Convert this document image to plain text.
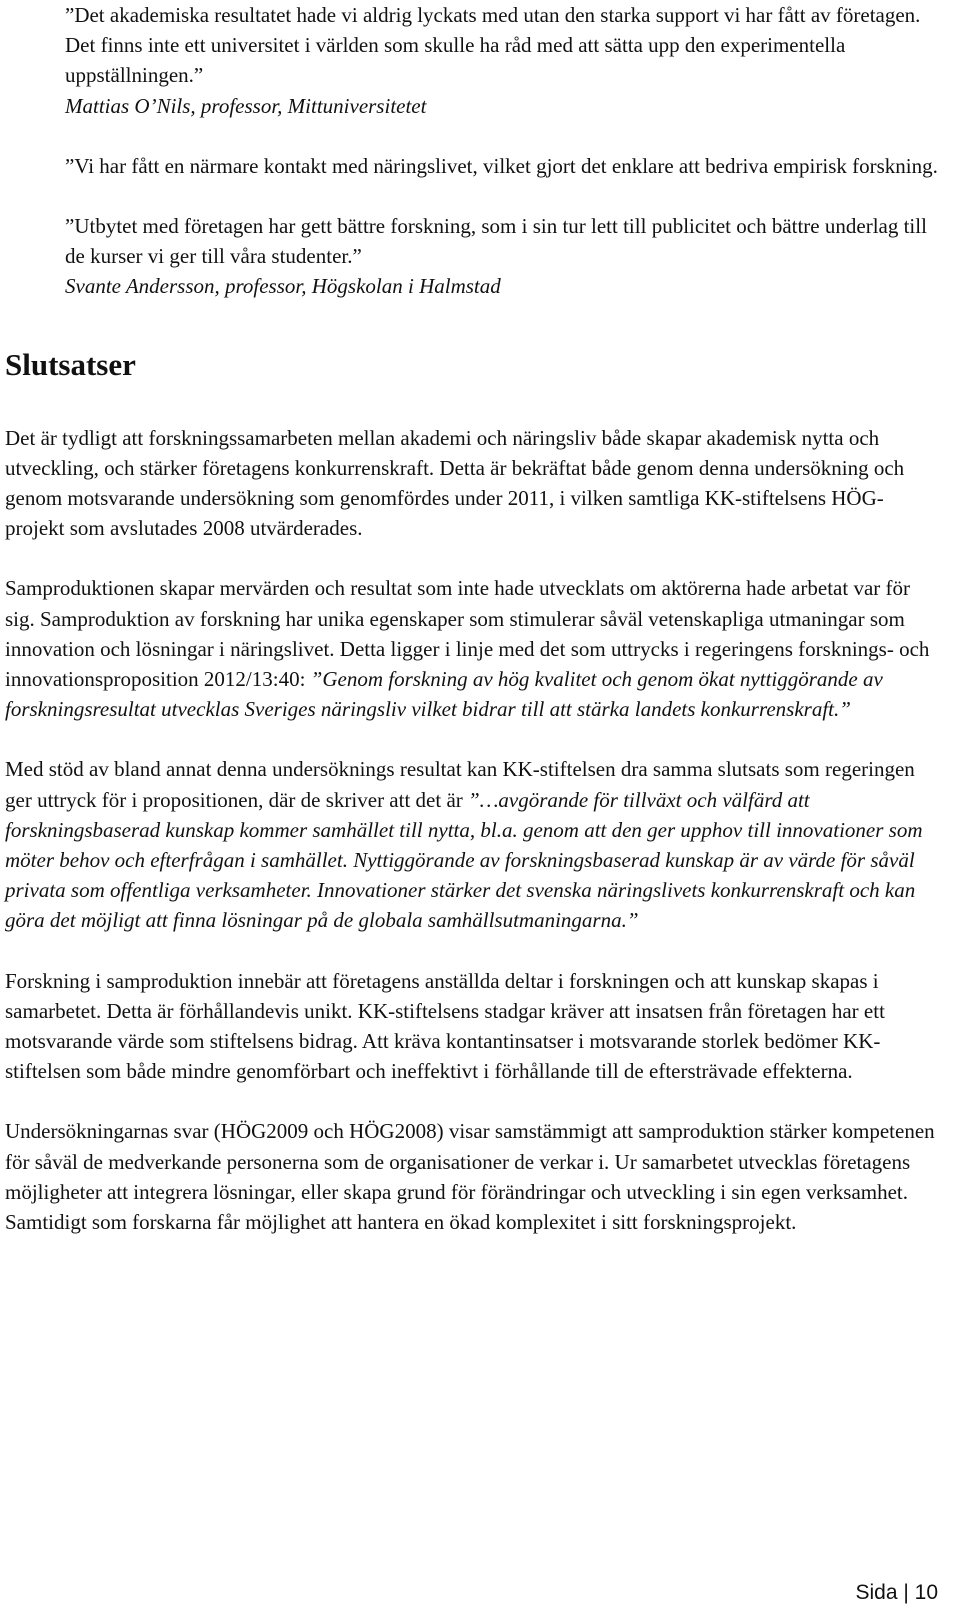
”Det akademiska resultatet hade vi aldrig lyckats med utan den starka support vi har fått av företagen. Det finns inte ett universitet i världen som skulle ha råd med att sätta upp den experimentella uppställningen.”

Mattias O’Nils, professor, Mittuniversitetet

”Vi har fått en närmare kontakt med näringslivet, vilket gjort det enklare att bedriva empirisk forskning.

”Utbytet med företagen har gett bättre forskning, som i sin tur lett till publicitet och bättre underlag till de kurser vi ger till våra studenter.”

Svante Andersson, professor, Högskolan i Halmstad

Slutsatser

Det är tydligt att forskningssamarbeten mellan akademi och näringsliv både skapar akademisk nytta och utveckling, och stärker företagens konkurrenskraft. Detta är bekräftat både genom denna undersökning och genom motsvarande undersökning som genomfördes under 2011, i vilken samtliga KK-stiftelsens HÖG-projekt som avslutades 2008 utvärderades.

Samproduktionen skapar mervärden och resultat som inte hade utvecklats om aktörerna hade arbetat var för sig. Samproduktion av forskning har unika egenskaper som stimulerar såväl vetenskapliga utmaningar som innovation och lösningar i näringslivet. Detta ligger i linje med det som uttrycks i regeringens forsknings- och innovationsproposition 2012/13:40: ”Genom forskning av hög kvalitet och genom ökat nyttiggörande av forskningsresultat utvecklas Sveriges näringsliv vilket bidrar till att stärka landets konkurrenskraft.”

Med stöd av bland annat denna undersöknings resultat kan KK-stiftelsen dra samma slutsats som regeringen ger uttryck för i propositionen, där de skriver att det är ”…avgörande för tillväxt och välfärd att forskningsbaserad kunskap kommer samhället till nytta, bl.a. genom att den ger upphov till innovationer som möter behov och efterfrågan i samhället. Nyttiggörande av forskningsbaserad kunskap är av värde för såväl privata som offentliga verksamheter. Innovationer stärker det svenska näringslivets konkurrenskraft och kan göra det möjligt att finna lösningar på de globala samhällsutmaningarna.”

Forskning i samproduktion innebär att företagens anställda deltar i forskningen och att kunskap skapas i samarbetet. Detta är förhållandevis unikt. KK-stiftelsens stadgar kräver att insatsen från företagen har ett motsvarande värde som stiftelsens bidrag. Att kräva kontantinsatser i motsvarande storlek bedömer KK-stiftelsen som både mindre genomförbart och ineffektivt i förhållande till de eftersträvade effekterna.

Undersökningarnas svar (HÖG2009 och HÖG2008) visar samstämmigt att samproduktion stärker kompetenen för såväl de medverkande personerna som de organisationer de verkar i. Ur samarbetet utvecklas företagens möjligheter att integrera lösningar, eller skapa grund för förändringar och utveckling i sin egen verksamhet. Samtidigt som forskarna får möjlighet att hantera en ökad komplexitet i sitt forskningsprojekt.

Sida | 10
